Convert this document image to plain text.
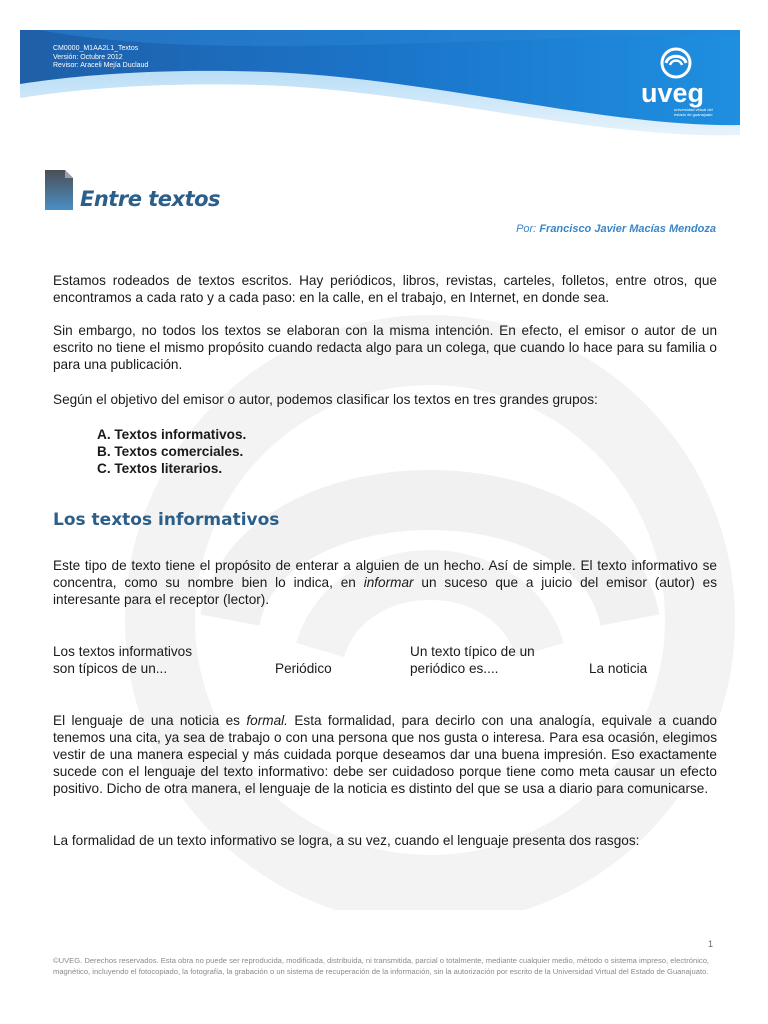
CM0000_M1AA2L1_Textos
Versión: Octubre 2012
Revisor: Araceli Mejía Duclaud
uveg
universidad virtual del estado de guanajuato
Entre textos
Por: Francisco Javier Macías Mendoza
Estamos rodeados de textos escritos. Hay periódicos, libros, revistas, carteles, folletos, entre otros, que encontramos a cada rato y a cada paso: en la calle, en el trabajo, en Internet, en donde sea.
Sin embargo, no todos los textos se elaboran con la misma intención. En efecto, el emisor o autor de un escrito no tiene el mismo propósito cuando redacta algo para un colega, que cuando lo hace para su familia o para una publicación.
Según el objetivo del emisor o autor, podemos clasificar los textos en tres grandes grupos:
A. Textos informativos.
B. Textos comerciales.
C. Textos literarios.
Los textos informativos
Este tipo de texto tiene el propósito de enterar a alguien de un hecho. Así de simple. El texto informativo se concentra, como su nombre bien lo indica, en informar un suceso que a juicio del emisor (autor) es interesante para el receptor (lector).
Los textos informativos
son típicos de un...	Periódico
Un texto típico de un
periódico es....	La noticia
El lenguaje de una noticia es formal. Esta formalidad, para decirlo con una analogía, equivale a cuando tenemos una cita, ya sea de trabajo o con una persona que nos gusta o interesa. Para esa ocasión, elegimos vestir de una manera especial y más cuidada porque deseamos dar una buena impresión. Eso exactamente sucede con el lenguaje del texto informativo: debe ser cuidadoso porque tiene como meta causar un efecto positivo. Dicho de otra manera, el lenguaje de la noticia es distinto del que se usa a diario para comunicarse.
La formalidad de un texto informativo se logra, a su vez, cuando el lenguaje presenta dos rasgos:
1
©UVEG. Derechos reservados. Esta obra no puede ser reproducida, modificada, distribuida, ni transmitida, parcial o totalmente, mediante cualquier medio, método o sistema impreso, electrónico, magnético, incluyendo el fotocopiado, la fotografía, la grabación o un sistema de recuperación de la información, sin la autorización por escrito de la Universidad Virtual del Estado de Guanajuato.
